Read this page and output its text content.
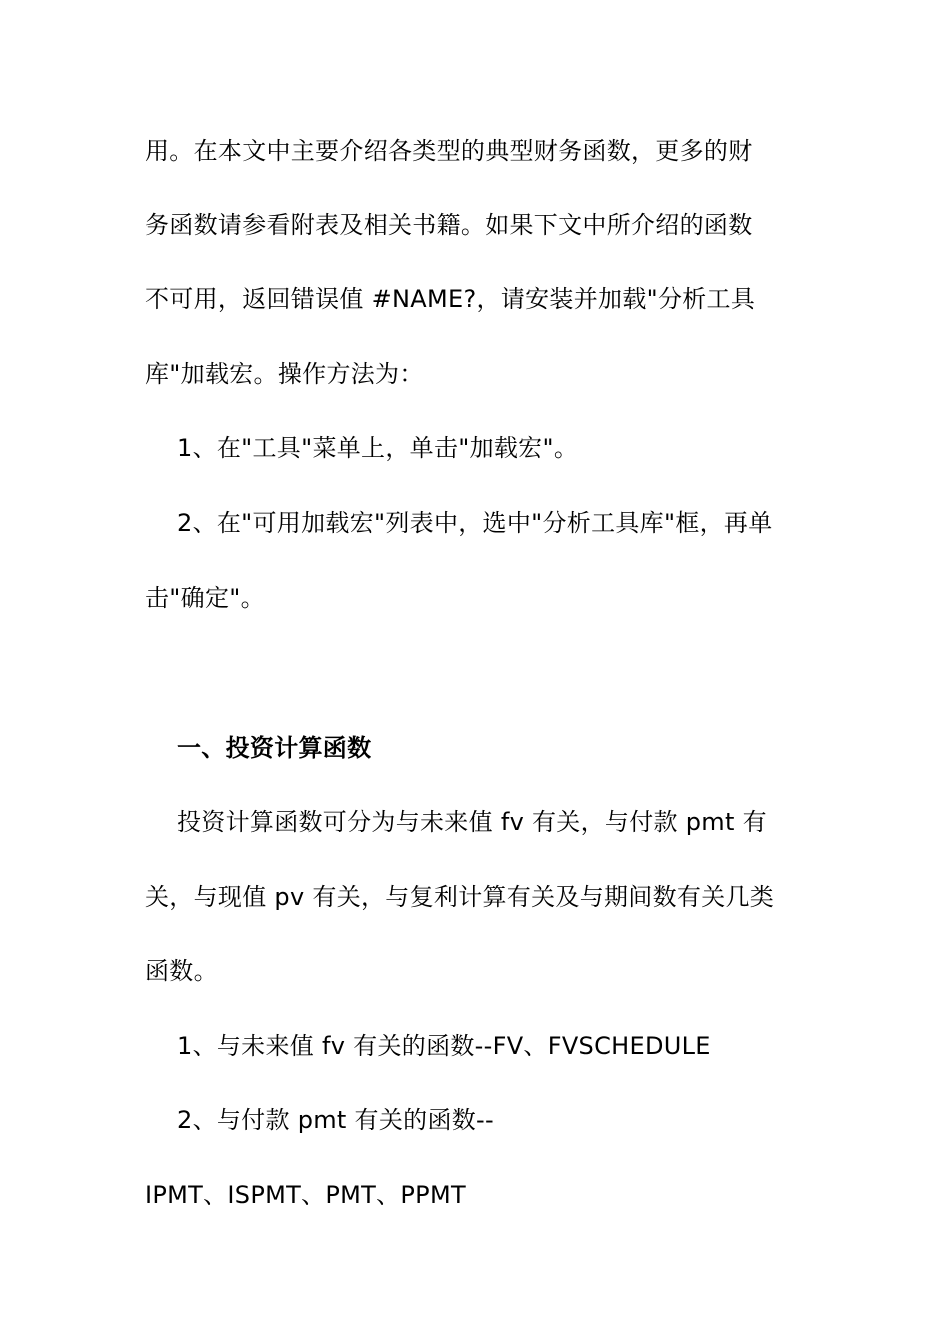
用。在本文中主要介绍各类型的典型财务函数，更多的财
务函数请参看附表及相关书籍。如果下文中所介绍的函数
不可用，返回错误值 #NAME?，请安装并加载"分析工具
库"加载宏。操作方法为：
1、在"工具"菜单上，单击"加载宏"。
2、在"可用加载宏"列表中，选中"分析工具库"框，再单
击"确定"。
一、投资计算函数
投资计算函数可分为与未来值 fv 有关，与付款 pmt 有
关，与现值 pv 有关，与复利计算有关及与期间数有关几类
函数。
1、与未来值 fv 有关的函数--FV、FVSCHEDULE
2、与付款 pmt 有关的函数--
IPMT、ISPMT、PMT、PPMT
